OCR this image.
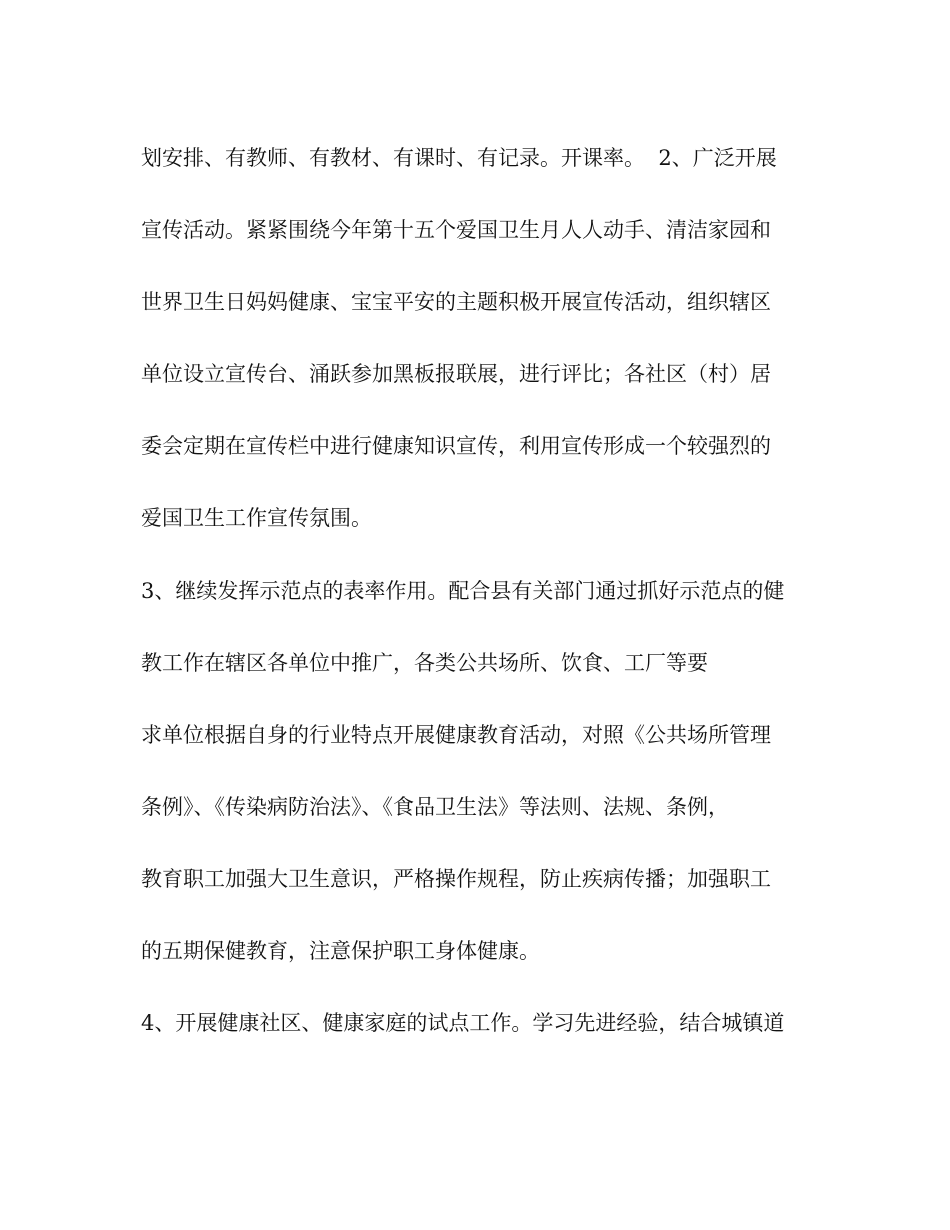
划安排、有教师、有教材、有课时、有记录。开课率。  2、广泛开展

宣传活动。紧紧围绕今年第十五个爱国卫生月人人动手、清洁家园和

世界卫生日妈妈健康、宝宝平安的主题积极开展宣传活动，组织辖区

单位设立宣传台、涌跃参加黑板报联展，进行评比；各社区（村）居

委会定期在宣传栏中进行健康知识宣传，利用宣传形成一个较强烈的

爱国卫生工作宣传氛围。

3、继续发挥示范点的表率作用。配合县有关部门通过抓好示范点的健

教工作在辖区各单位中推广，各类公共场所、饮食、工厂等要

求单位根据自身的行业特点开展健康教育活动，对照《公共场所管理

条例》、《传染病防治法》、《食品卫生法》等法则、法规、条例，

教育职工加强大卫生意识，严格操作规程，防止疾病传播；加强职工

的五期保健教育，注意保护职工身体健康。

4、开展健康社区、健康家庭的试点工作。学习先进经验，结合城镇道
